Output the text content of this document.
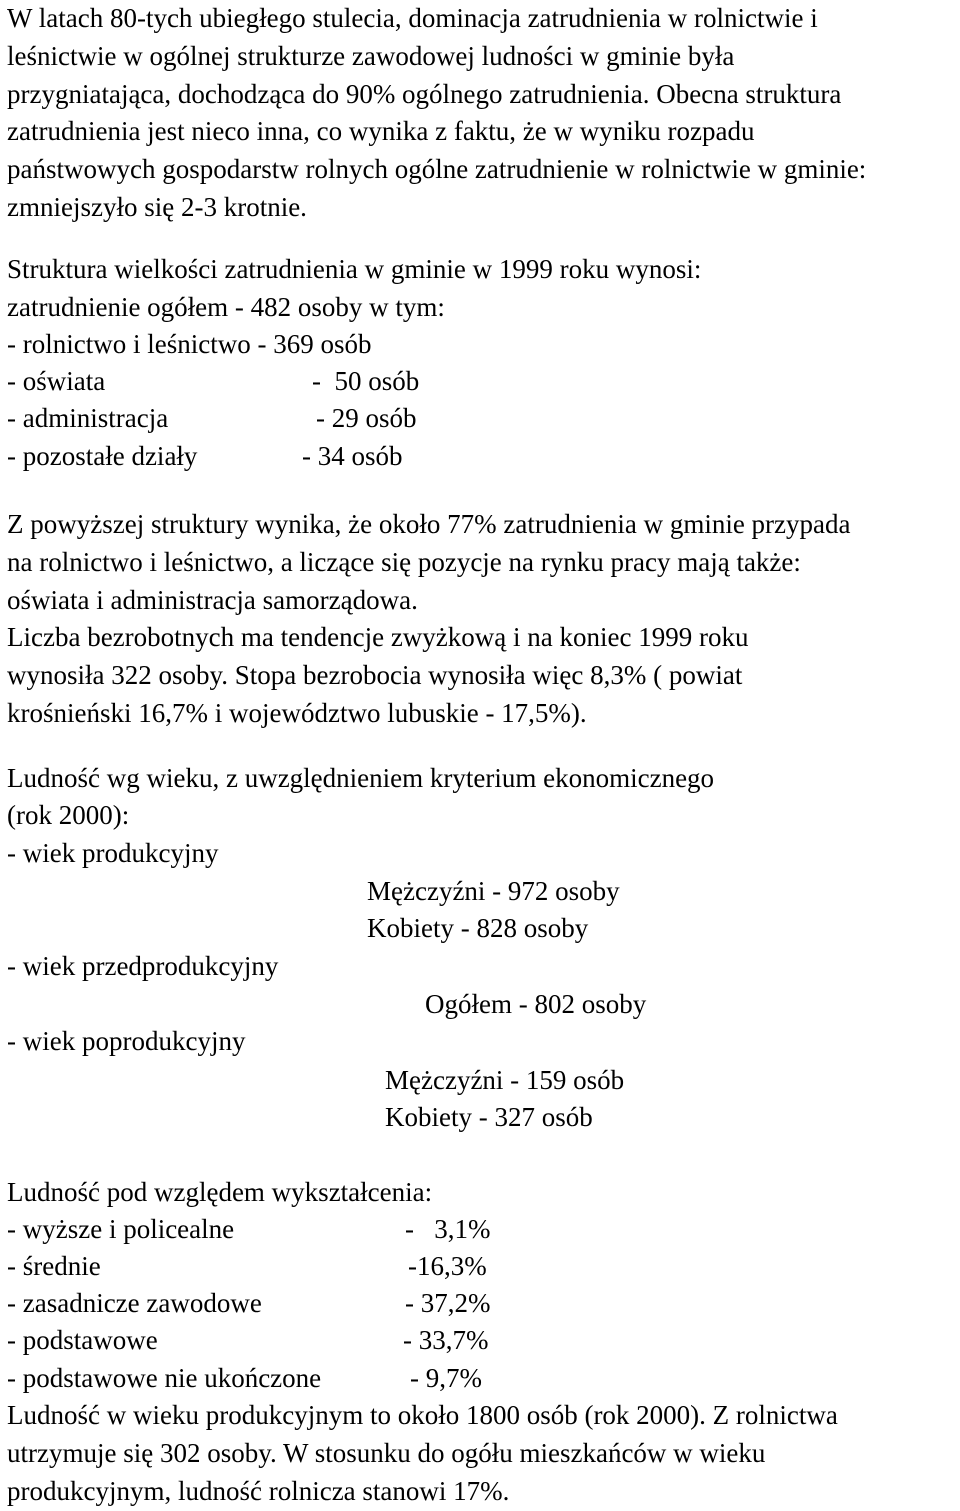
W latach 80-tych ubiegłego stulecia, dominacja zatrudnienia w rolnictwie i
leśnictwie w ogólnej strukturze zawodowej ludności w gminie była
przygniatająca, dochodząca do 90% ogólnego zatrudnienia. Obecna struktura
zatrudnienia jest nieco inna, co wynika z faktu, że w wyniku rozpadu
państwowych gospodarstw rolnych ogólne zatrudnienie w rolnictwie w gminie:
zmniejszyło się 2-3 krotnie.
Struktura wielkości zatrudnienia w gminie w 1999 roku wynosi:
zatrudnienie ogółem - 482 osoby w tym:
- rolnictwo i leśnictwo - 369 osób
- oświata	-  50 osób
- administracja	- 29 osób
- pozostałe działy	- 34 osób
Z powyższej struktury wynika, że około 77% zatrudnienia w gminie przypada
na rolnictwo i leśnictwo, a liczące się pozycje na rynku pracy mają także:
oświata i administracja samorządowa.
Liczba bezrobotnych ma tendencje zwyżkową i na koniec 1999 roku
wynosiła 322 osoby. Stopa bezrobocia wynosiła więc 8,3% ( powiat
krośnieński 16,7% i województwo lubuskie - 17,5%).
Ludność wg wieku, z uwzględnieniem kryterium ekonomicznego
(rok 2000):
- wiek produkcyjny
Mężczyźni - 972 osoby
Kobiety - 828 osoby
- wiek przedprodukcyjny
Ogółem - 802 osoby
- wiek poprodukcyjny
Mężczyźni - 159 osób
Kobiety - 327 osób
Ludność pod względem wykształcenia:
- wyższe i policealne	-   3,1%
- średnie	-16,3%
- zasadnicze zawodowe	- 37,2%
- podstawowe	- 33,7%
- podstawowe nie ukończone	- 9,7%
Ludność w wieku produkcyjnym to około 1800 osób (rok 2000). Z rolnictwa
utrzymuje się 302 osoby. W stosunku do ogółu mieszkańców w wieku
produkcyjnym, ludność rolnicza stanowi 17%.
